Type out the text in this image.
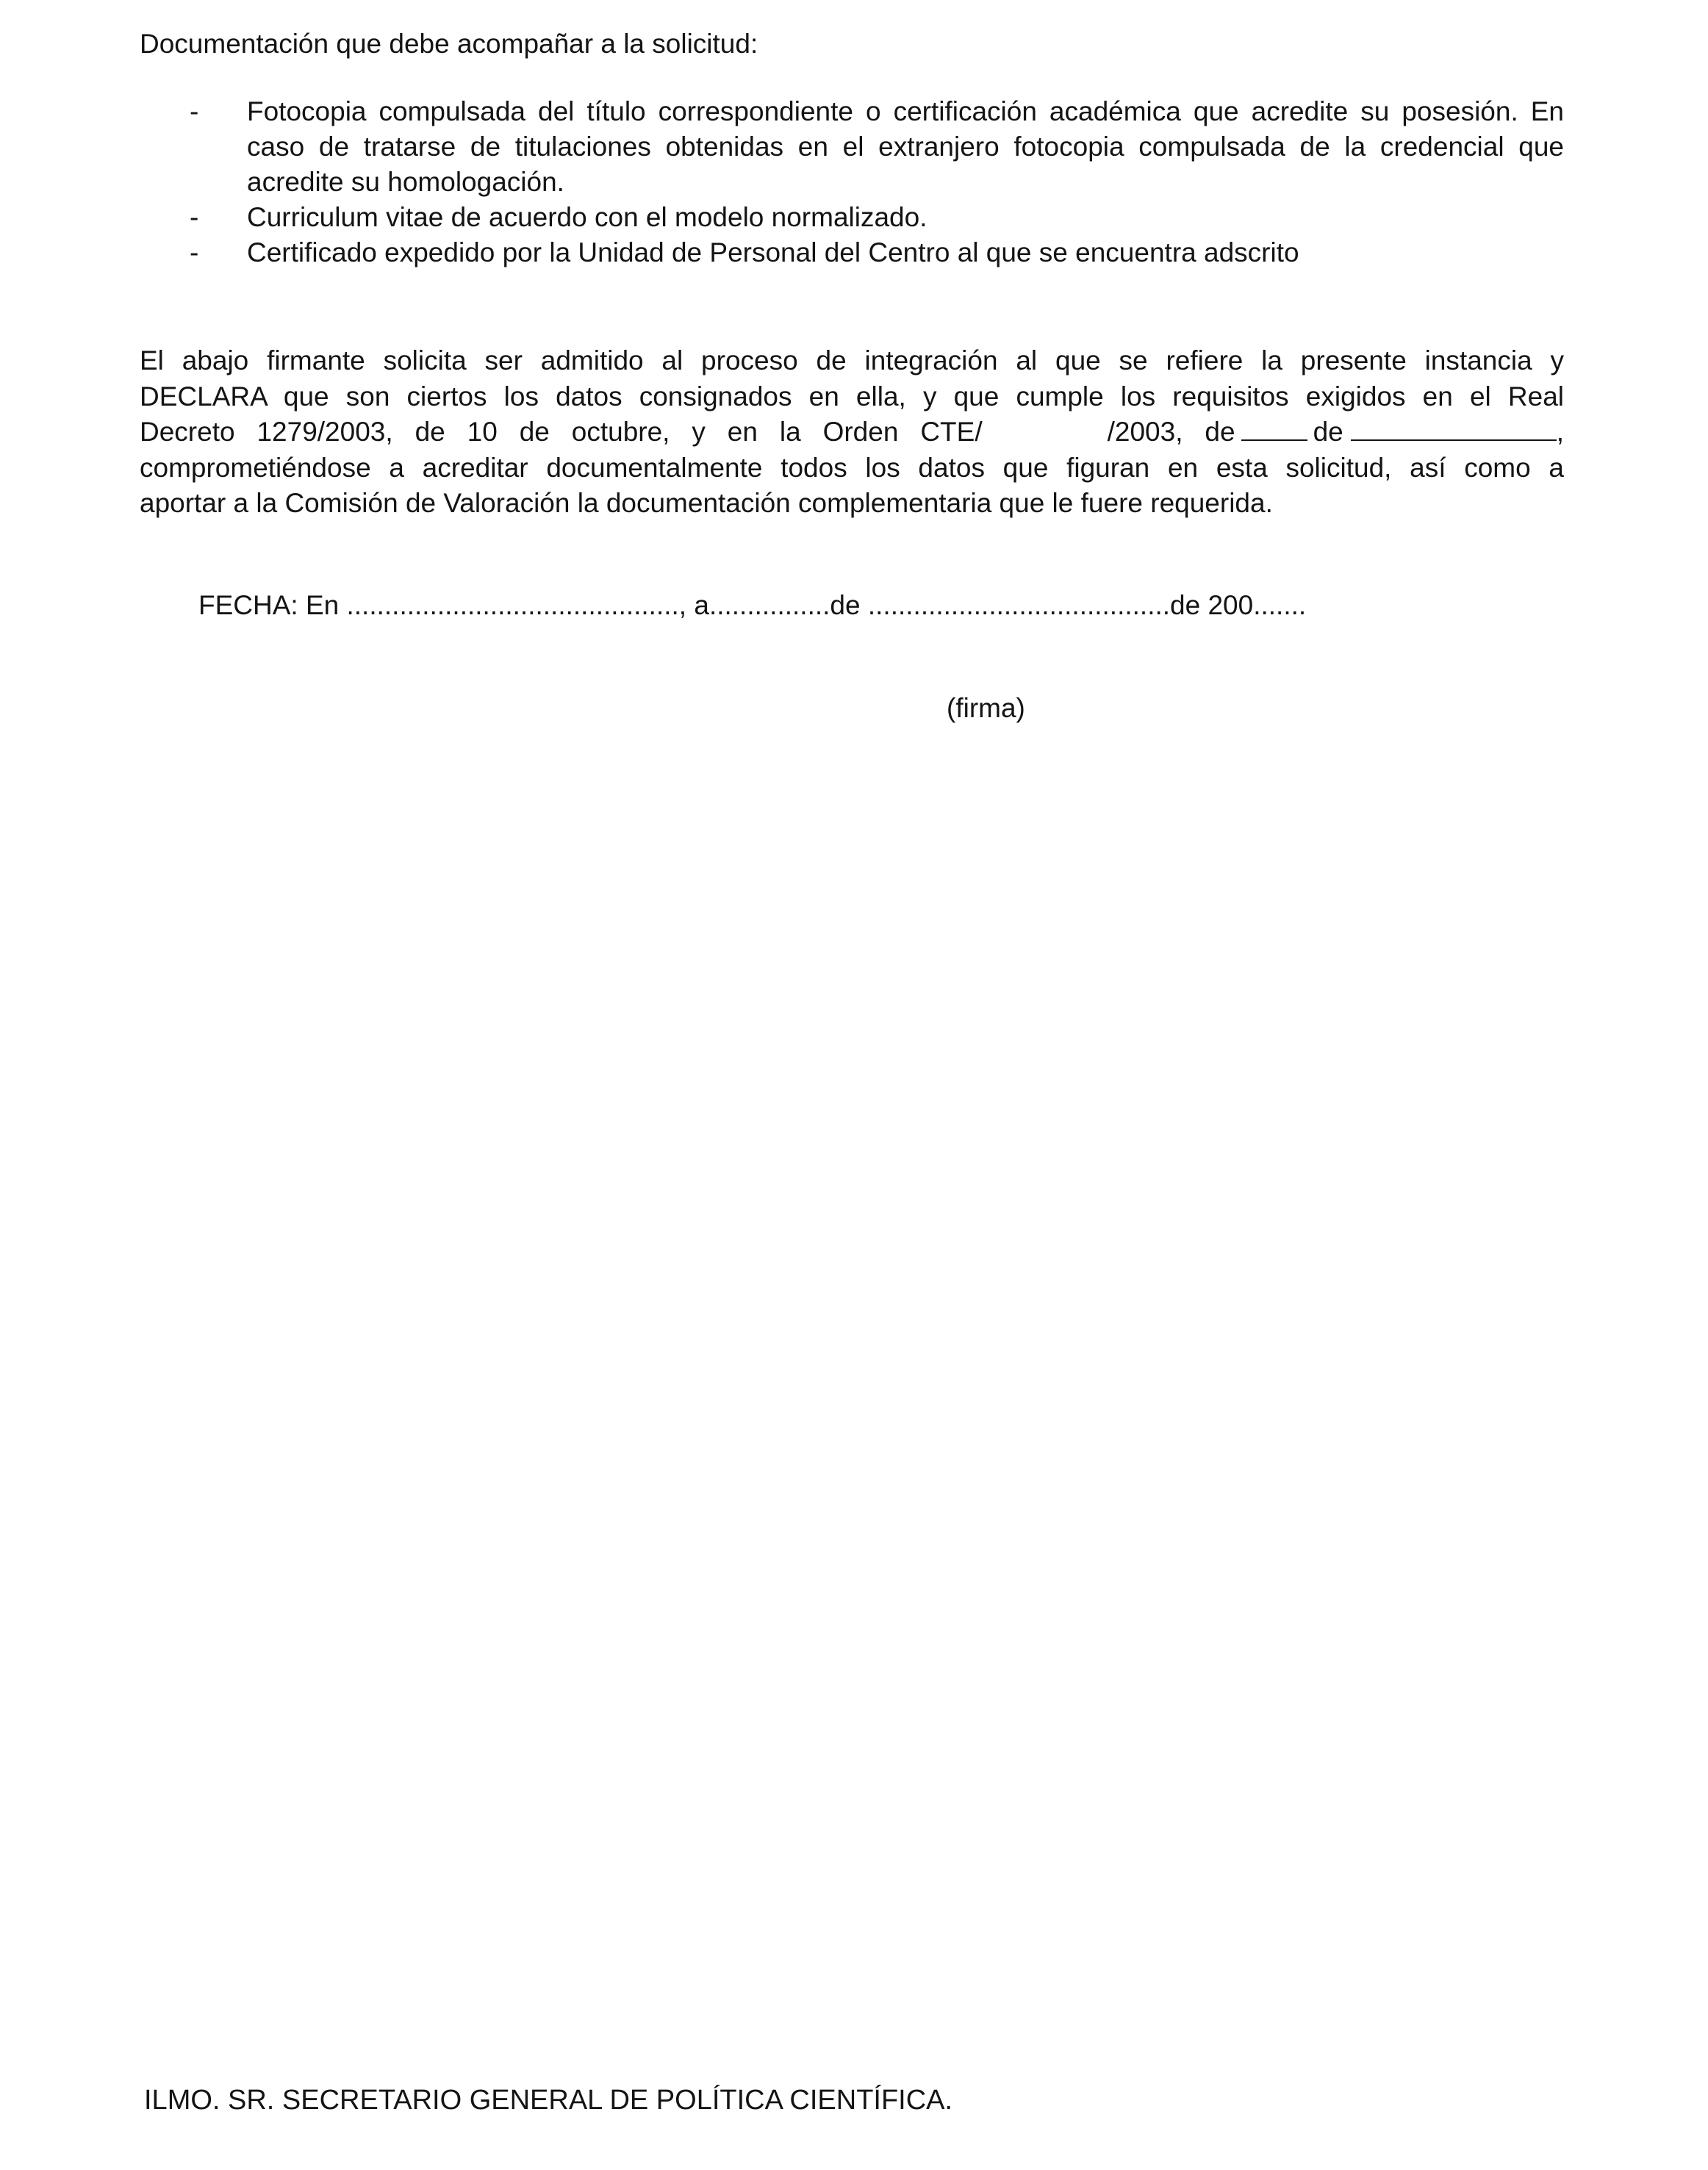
Documentación que debe acompañar a la solicitud:
- Fotocopia compulsada del título correspondiente o certificación académica que acredite su posesión. En caso de tratarse de titulaciones obtenidas en el extranjero fotocopia compulsada de la credencial que acredite su homologación.
- Curriculum vitae de acuerdo con el modelo normalizado.
- Certificado expedido por la Unidad de Personal del Centro al que se encuentra adscrito
El abajo firmante solicita ser admitido al proceso de integración al que se refiere la presente instancia y
DECLARA que son ciertos los datos consignados en ella, y que cumple los requisitos exigidos en el Real
Decreto 1279/2003, de 10 de octubre, y en la Orden CTE/	/2003, de	de	,
comprometiéndose a acreditar documentalmente todos los datos que figuran en esta solicitud, así como a
aportar a la Comisión de Valoración la documentación complementaria que le fuere requerida.
FECHA: En ............................................, a................de ........................................de 200.......
(firma)
ILMO. SR. SECRETARIO GENERAL DE POLÍTICA CIENTÍFICA.
